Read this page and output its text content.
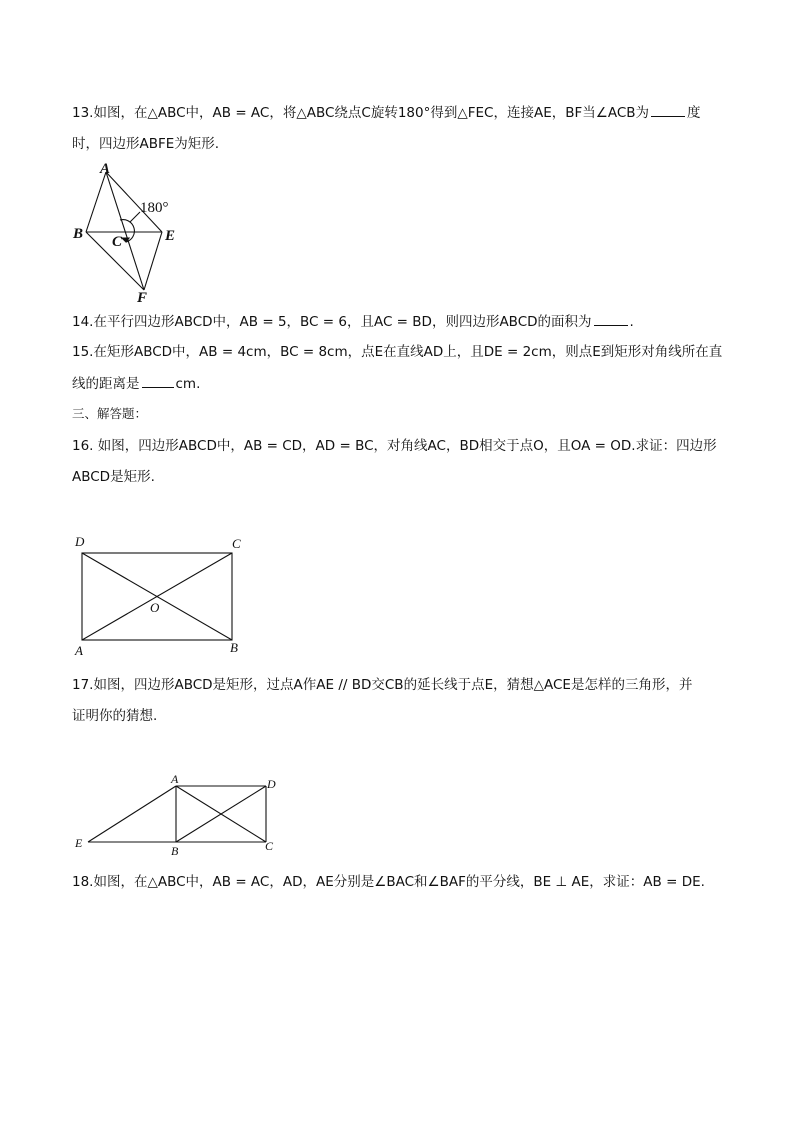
13.如图，在△ABC中，AB = AC，将△ABC绕点C旋转180°得到△FEC，连接AE，BF当∠ACB为	度
时，四边形ABFE为矩形.
A
B C	E
F
180°
14.在平行四边形ABCD中，AB = 5，BC = 6，且AC = BD，则四边形ABCD的面积为	.
15.在矩形ABCD中，AB = 4cm，BC = 8cm，点E在直线AD上，且DE = 2cm，则点E到矩形对角线所在直
线的距离是	cm.
三、解答题：
16. 如图，四边形ABCD中，AB = CD，AD = BC，对角线AC，BD相交于点O，且OA = OD.求证：四边形
ABCD是矩形.
D	C
O
A	B
17.如图，四边形ABCD是矩形，过点A作AE // BD交CB的延长线于点E，猜想△ACE是怎样的三角形，并
证明你的猜想.
A	D
E
B	C
18.如图，在△ABC中，AB = AC，AD，AE分别是∠BAC和∠BAF的平分线，BE ⊥ AE，求证：AB = DE.
